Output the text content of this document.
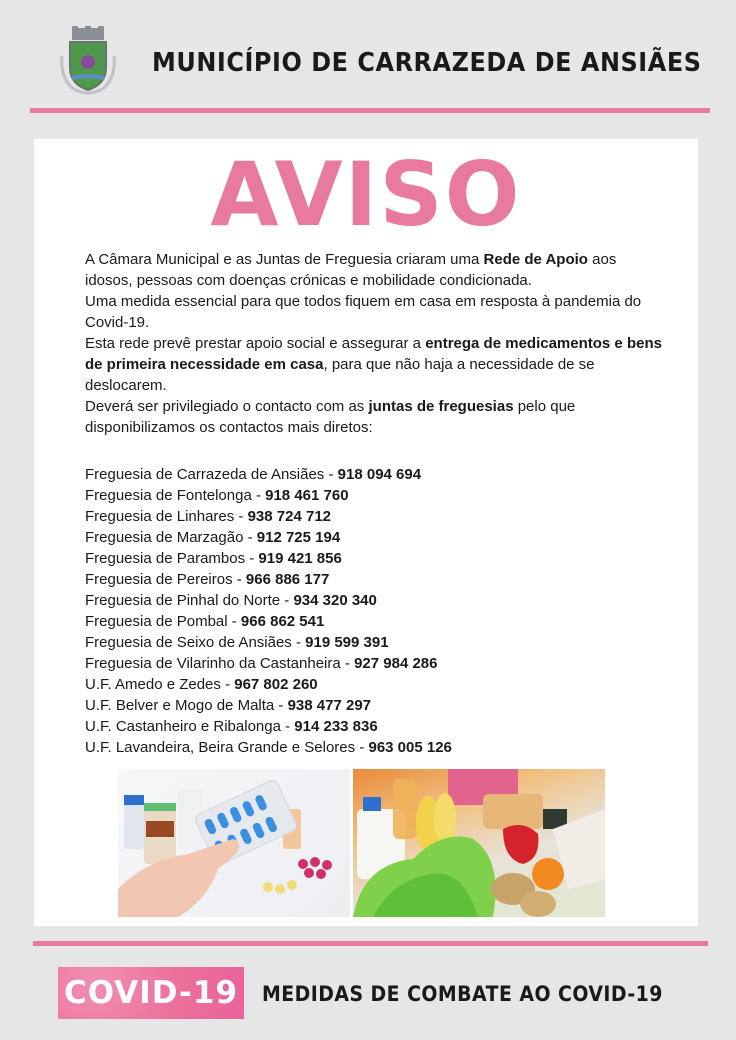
MUNICÍPIO DE CARRAZEDA DE ANSIÃES
AVISO

A Câmara Municipal e as Juntas de Freguesia criaram uma Rede de Apoio aos idosos, pessoas com doenças crónicas e mobilidade condicionada.

Uma medida essencial para que todos fiquem em casa em resposta à pandemia do Covid-19.

Esta rede prevê prestar apoio social e assegurar a entrega de medicamentos e bens de primeira necessidade em casa, para que não haja a necessidade de se deslocarem.

Deverá ser privilegiado o contacto com as juntas de freguesias pelo que disponibilizamos os contactos mais diretos:

Freguesia de Carrazeda de Ansiães - 918 094 694
Freguesia de Fontelonga - 918 461 760
Freguesia de Linhares - 938 724 712
Freguesia de Marzagão - 912 725 194
Freguesia de Parambos - 919 421 856
Freguesia de Pereiros - 966 886 177
Freguesia de Pinhal do Norte - 934 320 340
Freguesia de Pombal - 966 862 541
Freguesia de Seixo de Ansiães - 919 599 391
Freguesia de Vilarinho da Castanheira - 927 984 286
U.F. Amedo e Zedes - 967 802 260
U.F. Belver e Mogo de Malta - 938 477 297
U.F. Castanheiro e Ribalonga - 914 233 836
U.F. Lavandeira, Beira Grande e Selores - 963 005 126
COVID-19 MEDIDAS DE COMBATE AO COVID-19
